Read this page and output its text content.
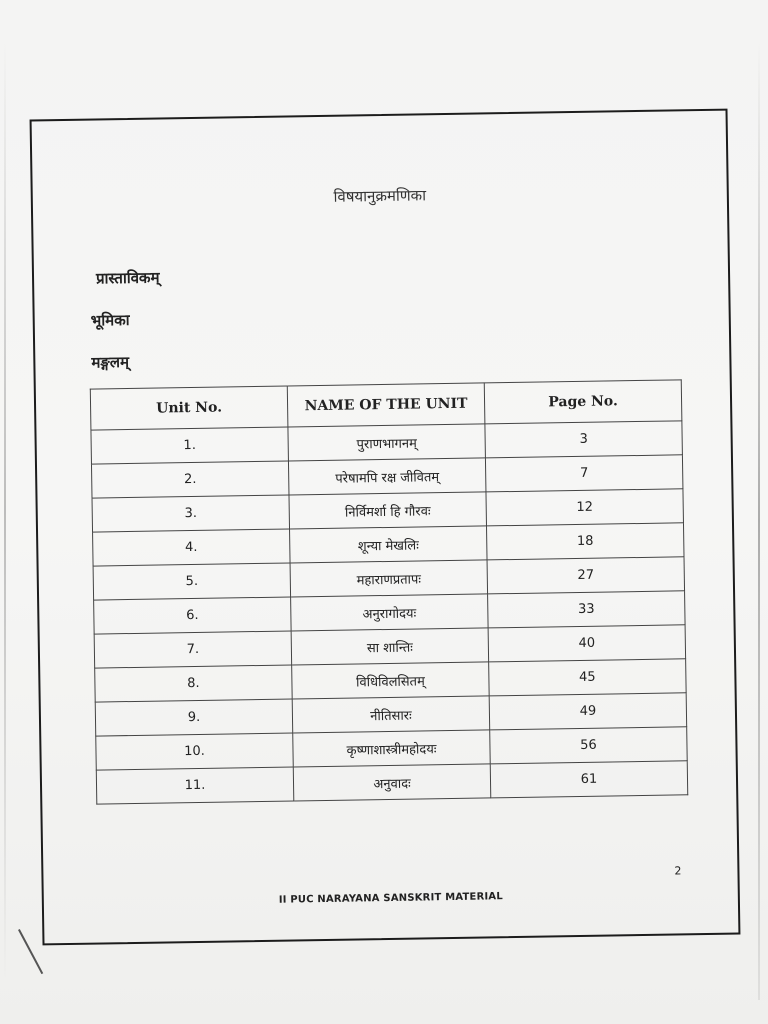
विषयानुक्रमणिका
प्रास्ताविकम्
भूमिका
मङ्गलम्
Unit No.	NAME OF THE UNIT	Page No.
1.	पुराणभागनम्	3
2.	परेषामपि रक्ष जीवितम्	7
3.	निर्विमर्शा हि गौरवः	12
4.	शून्या मेखलिः	18
5.	महाराणप्रतापः	27
6.	अनुरागोदयः	33
7.	सा शान्तिः	40
8.	विधिविलसितम्	45
9.	नीतिसारः	49
10.	कृष्णाशास्त्रीमहोदयः	56
11.	अनुवादः	61
2
II PUC NARAYANA SANSKRIT MATERIAL
